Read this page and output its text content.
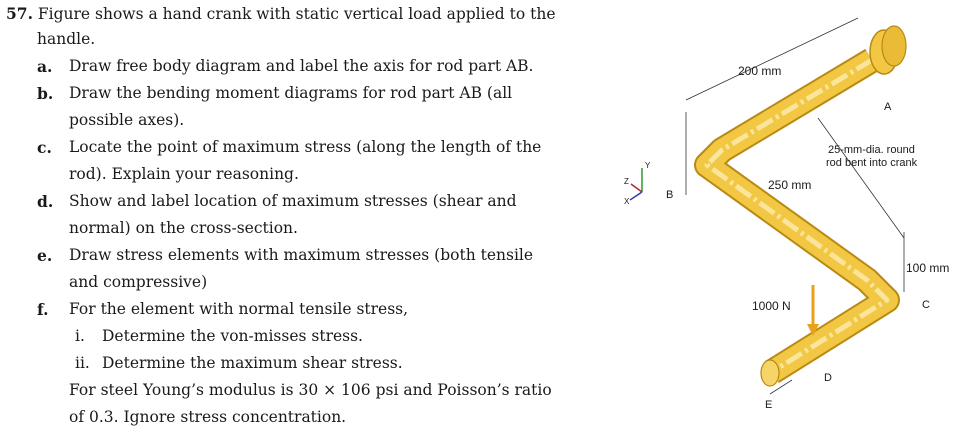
57. Figure shows a hand crank with static vertical load applied to the
handle.
a. Draw free body diagram and label the axis for rod part AB.
b. Draw the bending moment diagrams for rod part AB (all
possible axes).
c. Locate the point of maximum stress (along the length of the
rod). Explain your reasoning.
d. Show and label location of maximum stresses (shear and
normal) on the cross-section.
e. Draw stress elements with maximum stresses (both tensile
and compressive)
f. For the element with normal tensile stress,
i. Determine the von-misses stress.
ii. Determine the maximum shear stress.
For steel Young’s modulus is 30 × 106 psi and Poisson’s ratio
of 0.3. Ignore stress concentration.
Y
X
Z
200 mm
250 mm
100 mm
25-mm-dia. round
rod bent into crank
1000 N
A
B
C
D
E
